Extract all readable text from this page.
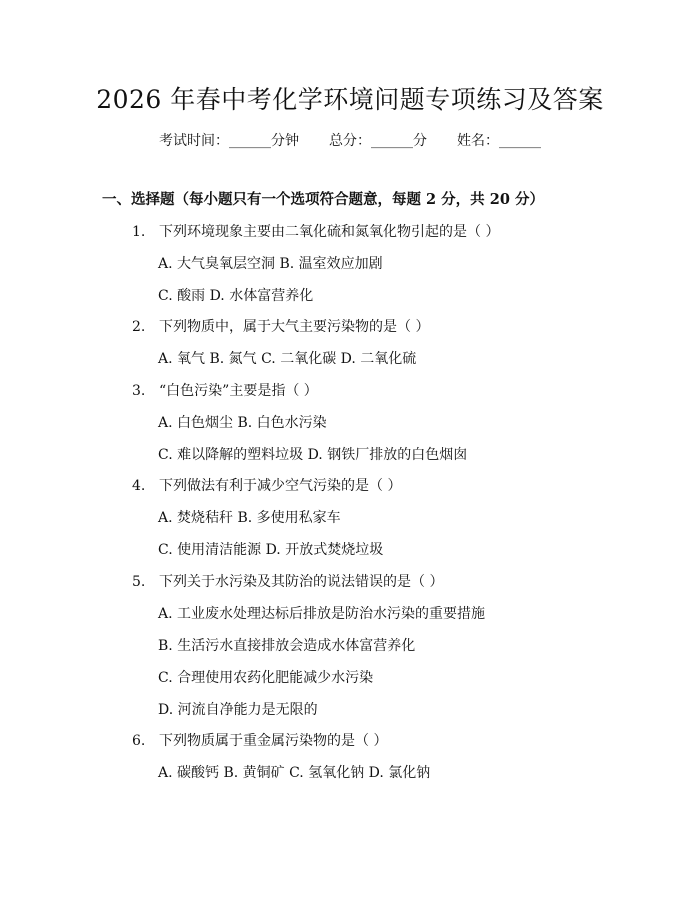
2026 年春中考化学环境问题专项练习及答案
考试时间：______分钟 总分：______分 姓名：______
一、选择题（每小题只有一个选项符合题意，每题 2 分，共 20 分）
1. 下列环境现象主要由二氧化硫和氮氧化物引起的是（ ）
A. 大气臭氧层空洞 B. 温室效应加剧
C. 酸雨 D. 水体富营养化
2. 下列物质中，属于大气主要污染物的是（ ）
A. 氧气 B. 氮气 C. 二氧化碳 D. 二氧化硫
3. “白色污染”主要是指（ ）
A. 白色烟尘 B. 白色水污染
C. 难以降解的塑料垃圾 D. 钢铁厂排放的白色烟囱
4. 下列做法有利于减少空气污染的是（ ）
A. 焚烧秸秆 B. 多使用私家车
C. 使用清洁能源 D. 开放式焚烧垃圾
5. 下列关于水污染及其防治的说法错误的是（ ）
A. 工业废水处理达标后排放是防治水污染的重要措施
B. 生活污水直接排放会造成水体富营养化
C. 合理使用农药化肥能减少水污染
D. 河流自净能力是无限的
6. 下列物质属于重金属污染物的是（ ）
A. 碳酸钙 B. 黄铜矿 C. 氢氧化钠 D. 氯化钠
